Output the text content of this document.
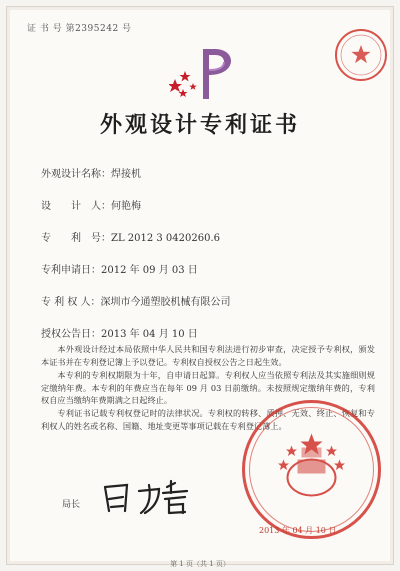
证 书 号 第2395242 号
外观设计专利证书
外观设计名称：焊接机
设　　计　人：何艳梅
专　　利　号：ZL 2012 3 0420260.6
专利申请日：2012 年 09 月 03 日
专 利 权 人：深圳市今通塑胶机械有限公司
授权公告日：2013 年 04 月 10 日
本外观设计经过本局依照中华人民共和国专利法进行初步审查，决定授予专利权，颁发本证书并在专利登记簿上予以登记。专利权自授权公告之日起生效。
本专利的专利权期限为十年，自申请日起算。专利权人应当依照专利法及其实施细则规定缴纳年费。本专利的年费应当在每年 09 月 03 日前缴纳。未按照规定缴纳年费的，专利权自应当缴纳年费期满之日起终止。
专利证书记载专利权登记时的法律状况。专利权的转移、质押、无效、终止、恢复和专利权人的姓名或名称、国籍、地址变更等事项记载在专利登记簿上。
局长
2013 年 04 月 10 日
第 1 页（共 1 页）
